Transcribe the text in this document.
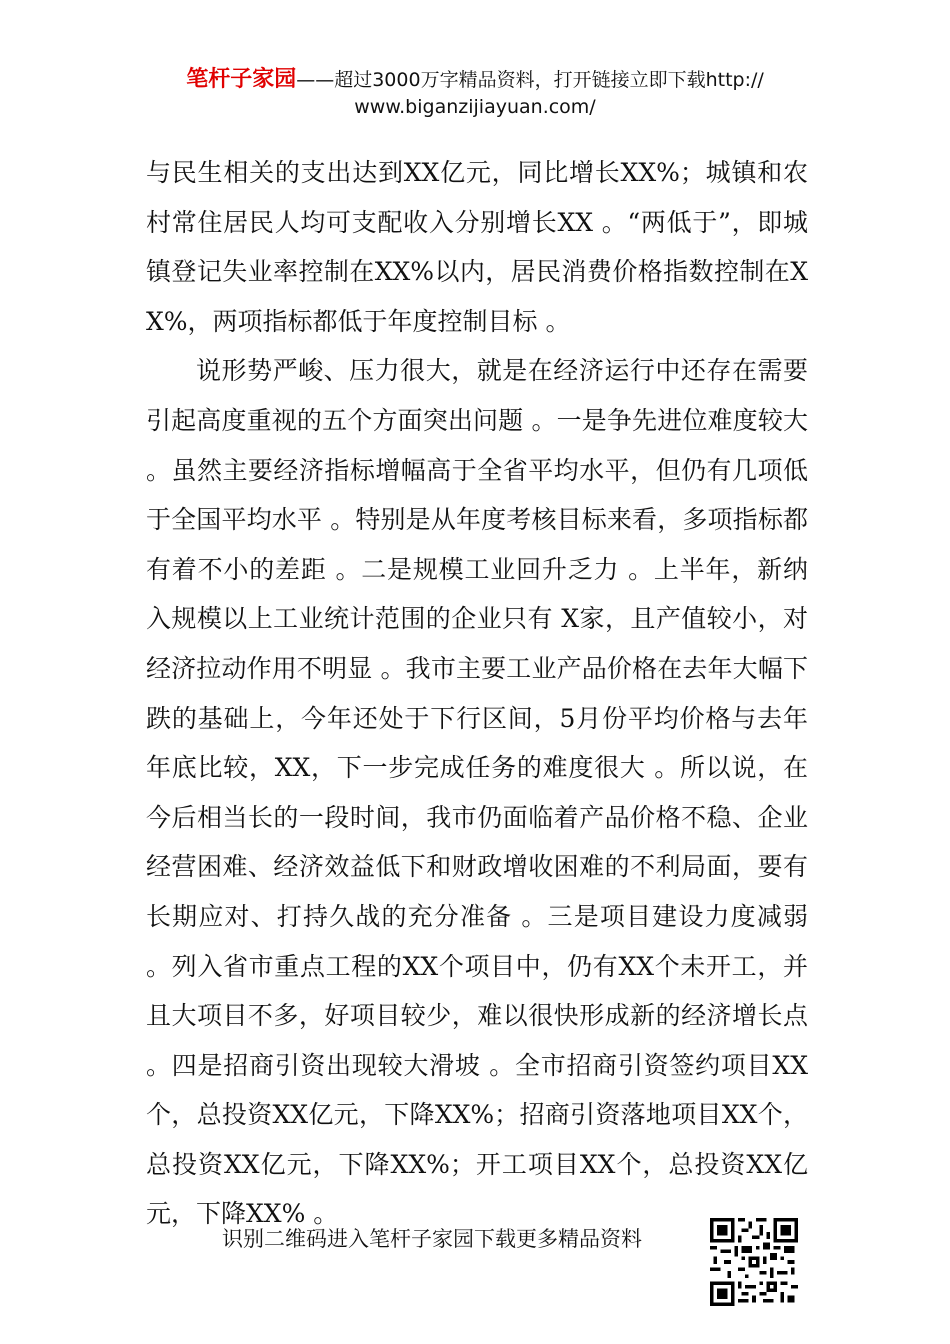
笔杆子家园——超过3000万字精品资料，打开链接立即下载http://
www.biganzijiayuan.com/

与民生相关的支出达到XX亿元，同比增长XX%；城镇和农村常住居民人均可支配收入分别增长XX 。“两低于”，即城镇登记失业率控制在XX%以内，居民消费价格指数控制在XX%，两项指标都低于年度控制目标 。

说形势严峻、压力很大，就是在经济运行中还存在需要引起高度重视的五个方面突出问题 。一是争先进位难度较大 。虽然主要经济指标增幅高于全省平均水平，但仍有几项低于全国平均水平 。特别是从年度考核目标来看，多项指标都有着不小的差距 。二是规模工业回升乏力 。上半年，新纳入规模以上工业统计范围的企业只有 X家，且产值较小，对经济拉动作用不明显 。我市主要工业产品价格在去年大幅下跌的基础上，今年还处于下行区间，5月份平均价格与去年年底比较，XX，下一步完成任务的难度很大 。所以说，在今后相当长的一段时间，我市仍面临着产品价格不稳、企业经营困难、经济效益低下和财政增收困难的不利局面，要有长期应对、打持久战的充分准备 。三是项目建设力度减弱 。列入省市重点工程的XX个项目中，仍有XX个未开工，并且大项目不多，好项目较少，难以很快形成新的经济增长点 。四是招商引资出现较大滑坡 。全市招商引资签约项目XX个，总投资XX亿元，下降XX%；招商引资落地项目XX个，总投资XX亿元，下降XX%；开工项目XX个，总投资XX亿元，下降XX% 。

识别二维码进入笔杆子家园下载更多精品资料
